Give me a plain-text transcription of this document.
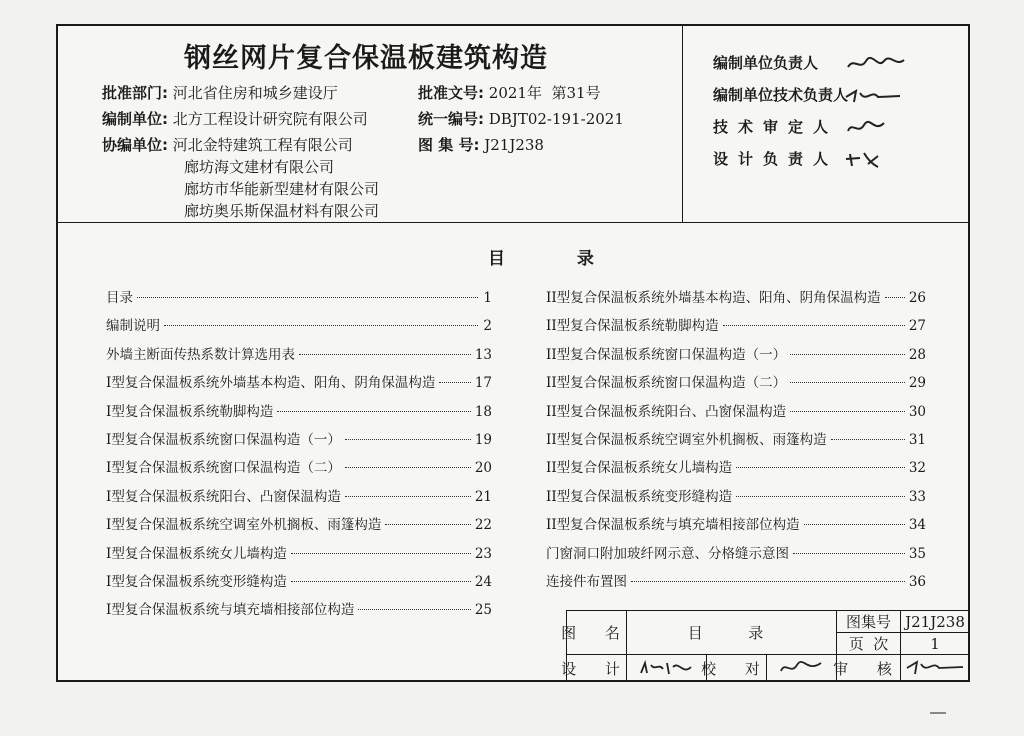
钢丝网片复合保温板建筑构造
批准部门: 河北省住房和城乡建设厅	批准文号: 2021年  第31号
编制单位: 北方工程设计研究院有限公司	统一编号: DBJT02-191-2021
协编单位: 河北金特建筑工程有限公司
廊坊海文建材有限公司
廊坊市华能新型建材有限公司
廊坊奥乐斯保温材料有限公司
图 集 号: J21J238
编制单位负责人
编制单位技术负责人
技术审定人
设计负责人
目  录
目录	1
编制说明	2
外墙主断面传热系数计算选用表	13
I型复合保温板系统外墙基本构造、阳角、阴角保温构造	17
I型复合保温板系统勒脚构造	18
I型复合保温板系统窗口保温构造（一）	19
I型复合保温板系统窗口保温构造（二）	20
I型复合保温板系统阳台、凸窗保温构造	21
I型复合保温板系统空调室外机搁板、雨篷构造	22
I型复合保温板系统女儿墙构造	23
I型复合保温板系统变形缝构造	24
I型复合保温板系统与填充墙相接部位构造	25
II型复合保温板系统外墙基本构造、阳角、阴角保温构造 26
II型复合保温板系统勒脚构造	27
II型复合保温板系统窗口保温构造（一）	28
II型复合保温板系统窗口保温构造（二）	29
II型复合保温板系统阳台、凸窗保温构造	30
II型复合保温板系统空调室外机搁板、雨篷构造	31
II型复合保温板系统女儿墙构造	32
II型复合保温板系统变形缝构造	33
II型复合保温板系统与填充墙相接部位构造	34
门窗洞口附加玻纤网示意、分格缝示意图	35
连接件布置图	36
图 名	目  录
图集号 J21J238
页  次	1
设 计	校 对	审 核
